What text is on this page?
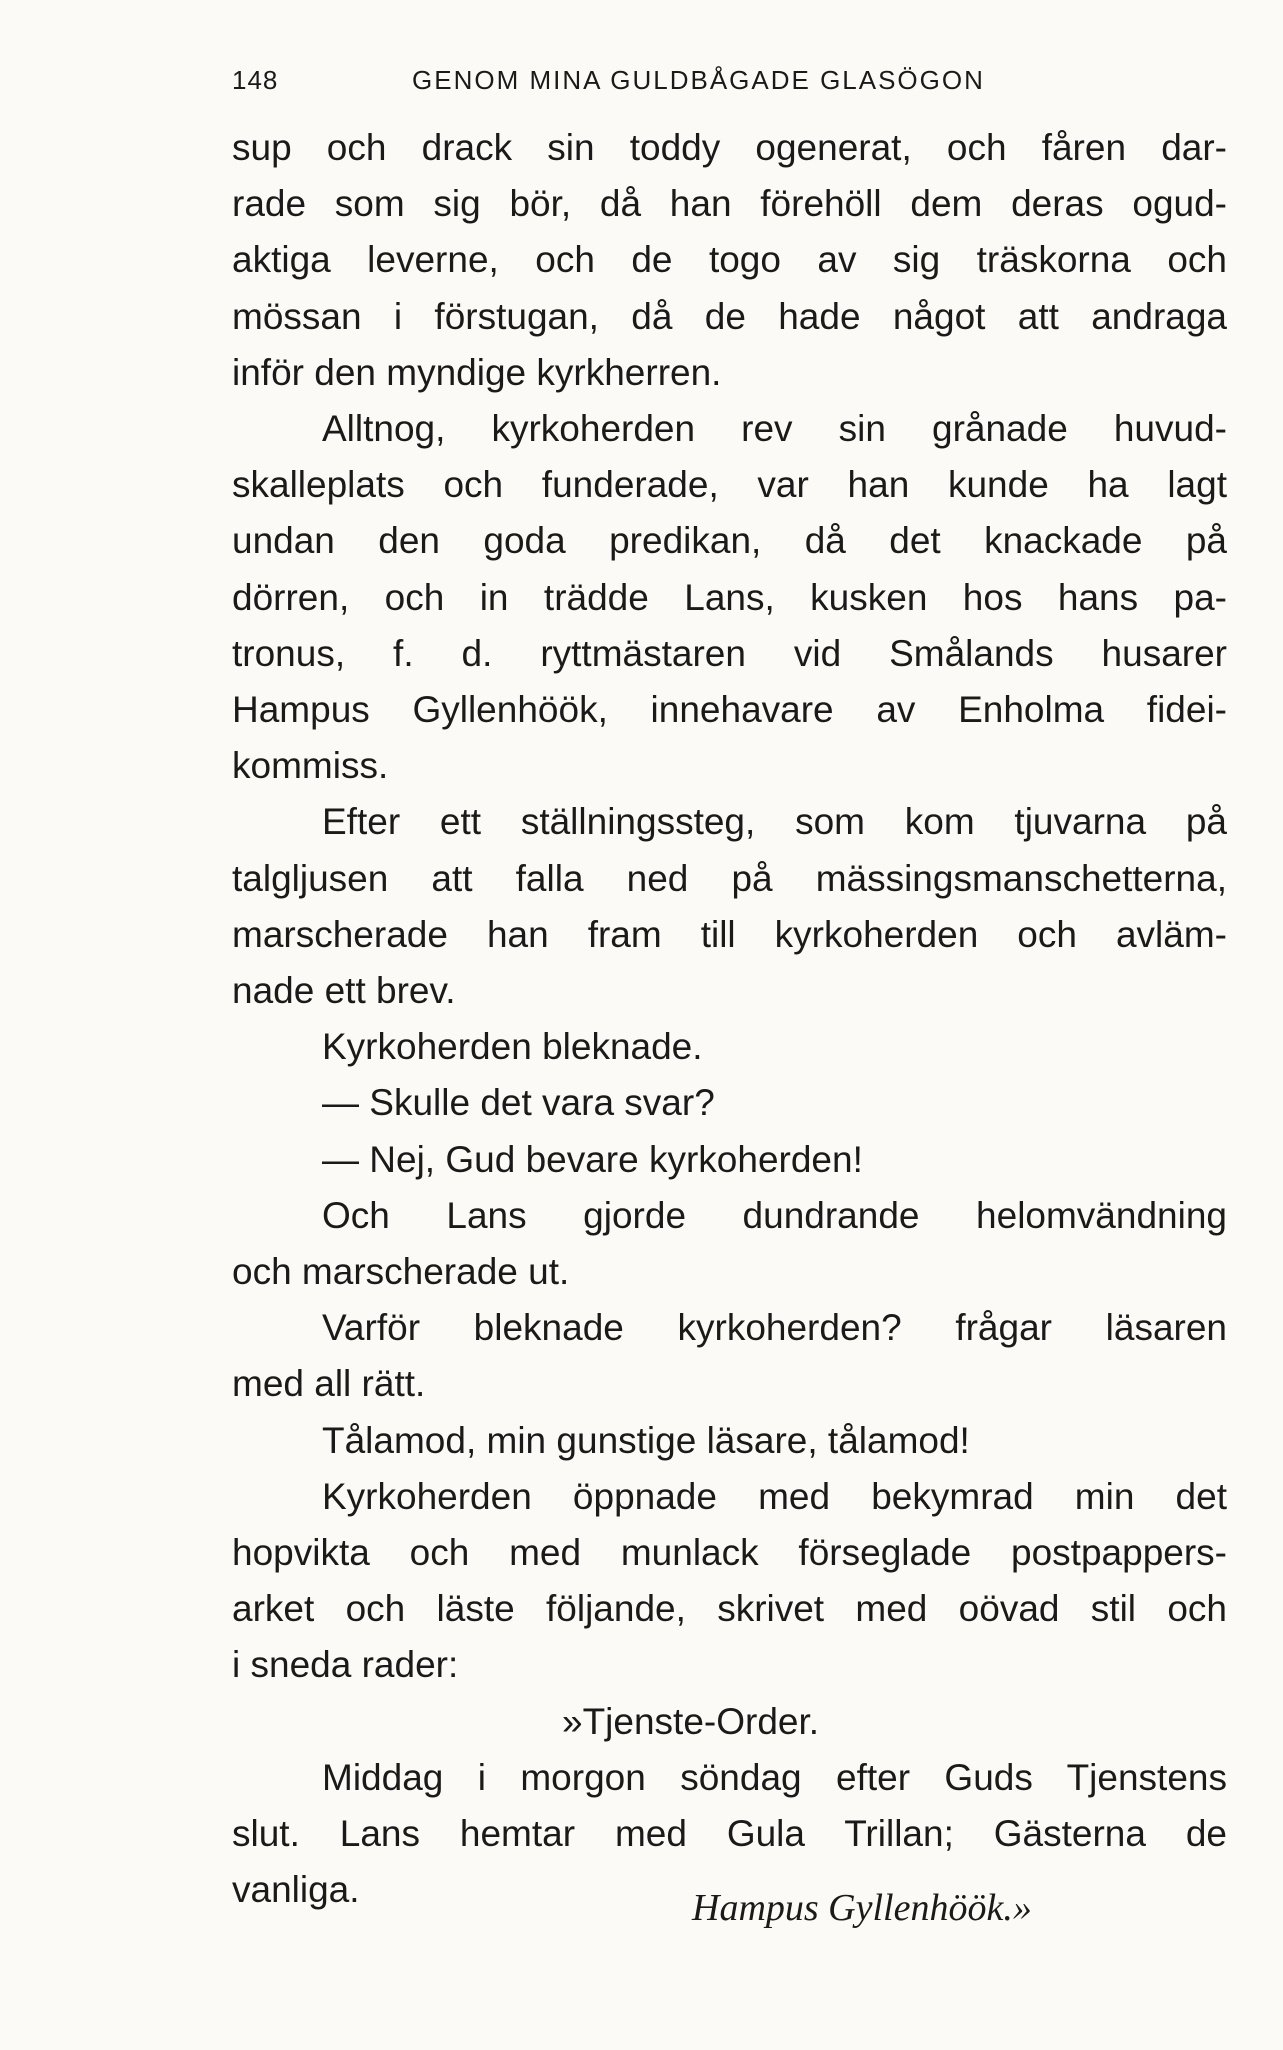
148	GENOM MINA GULDBÅGADE GLASÖGON

sup och drack sin toddy ogenerat, och fåren dar-

rade som sig bör, då han förehöll dem deras ogud-

aktiga leverne, och de togo av sig träskorna och

mössan i förstugan, då de hade något att andraga

inför den myndige kyrkherren.

Alltnog, kyrkoherden rev sin grånade huvud-

skalleplats och funderade, var han kunde ha lagt

undan den goda predikan, då det knackade på

dörren, och in trädde Lans, kusken hos hans pa-

tronus, f. d. ryttmästaren vid Smålands husarer

Hampus Gyllenhöök, innehavare av Enholma fidei-

kommiss.

Efter ett ställningssteg, som kom tjuvarna på

talgljusen att falla ned på mässingsmanschetterna,

marscherade han fram till kyrkoherden och avläm-

nade ett brev.

Kyrkoherden bleknade.

— Skulle det vara svar?

— Nej, Gud bevare kyrkoherden!

Och Lans gjorde dundrande helomvändning

och marscherade ut.

Varför bleknade kyrkoherden? frågar läsaren

med all rätt.

Tålamod, min gunstige läsare, tålamod!

Kyrkoherden öppnade med bekymrad min det

hopvikta och med munlack förseglade postpappers-

arket och läste följande, skrivet med oövad stil och

i sneda rader:

»Tjenste-Order.

Middag i morgon söndag efter Guds Tjenstens

slut. Lans hemtar med Gula Trillan; Gästerna de

vanliga.	Hampus Gyllenhöök.»
